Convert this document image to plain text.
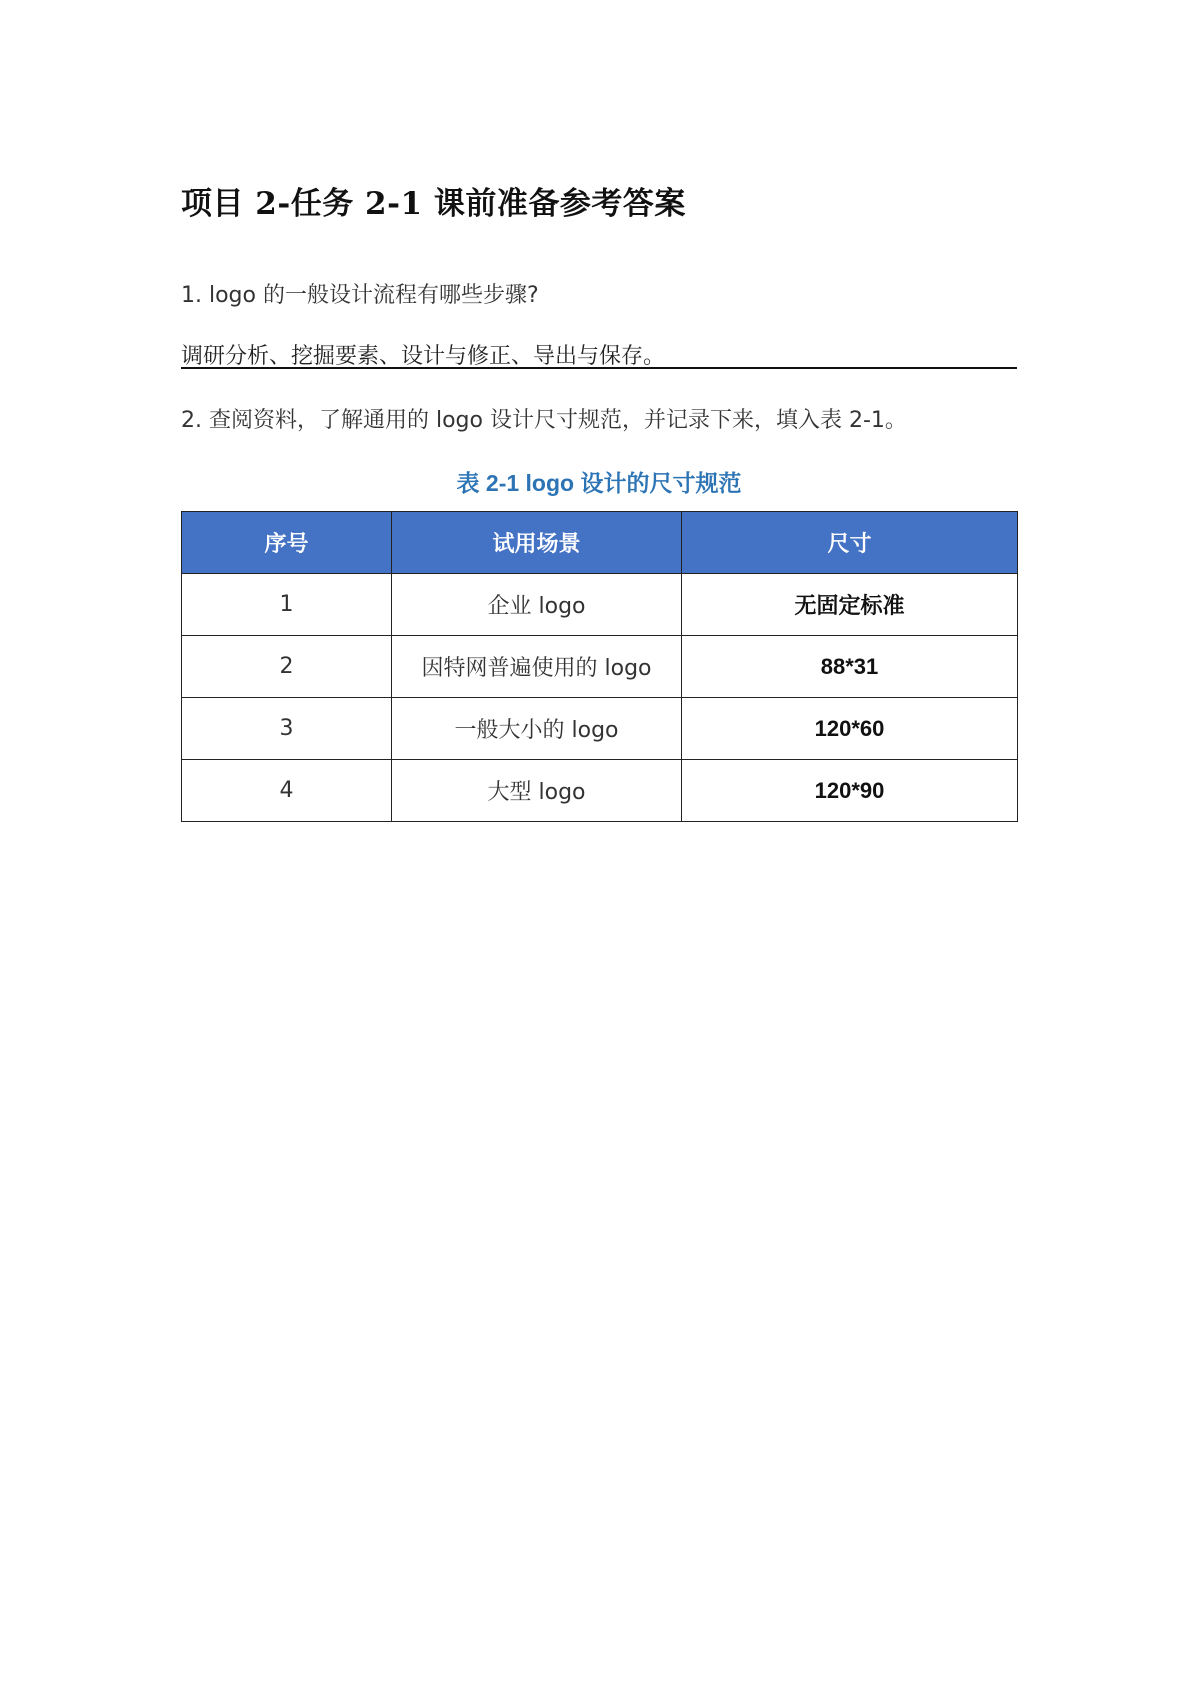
项目 2-任务 2-1 课前准备参考答案
1. logo 的一般设计流程有哪些步骤?
调研分析、挖掘要素、设计与修正、导出与保存。
2. 查阅资料，了解通用的 logo 设计尺寸规范，并记录下来，填入表 2-1。
表 2-1 logo 设计的尺寸规范
序号	试用场景	尺寸
1	企业 logo	无固定标准
2	因特网普遍使用的 logo	88*31
3	一般大小的 logo	120*60
4	大型 logo	120*90
